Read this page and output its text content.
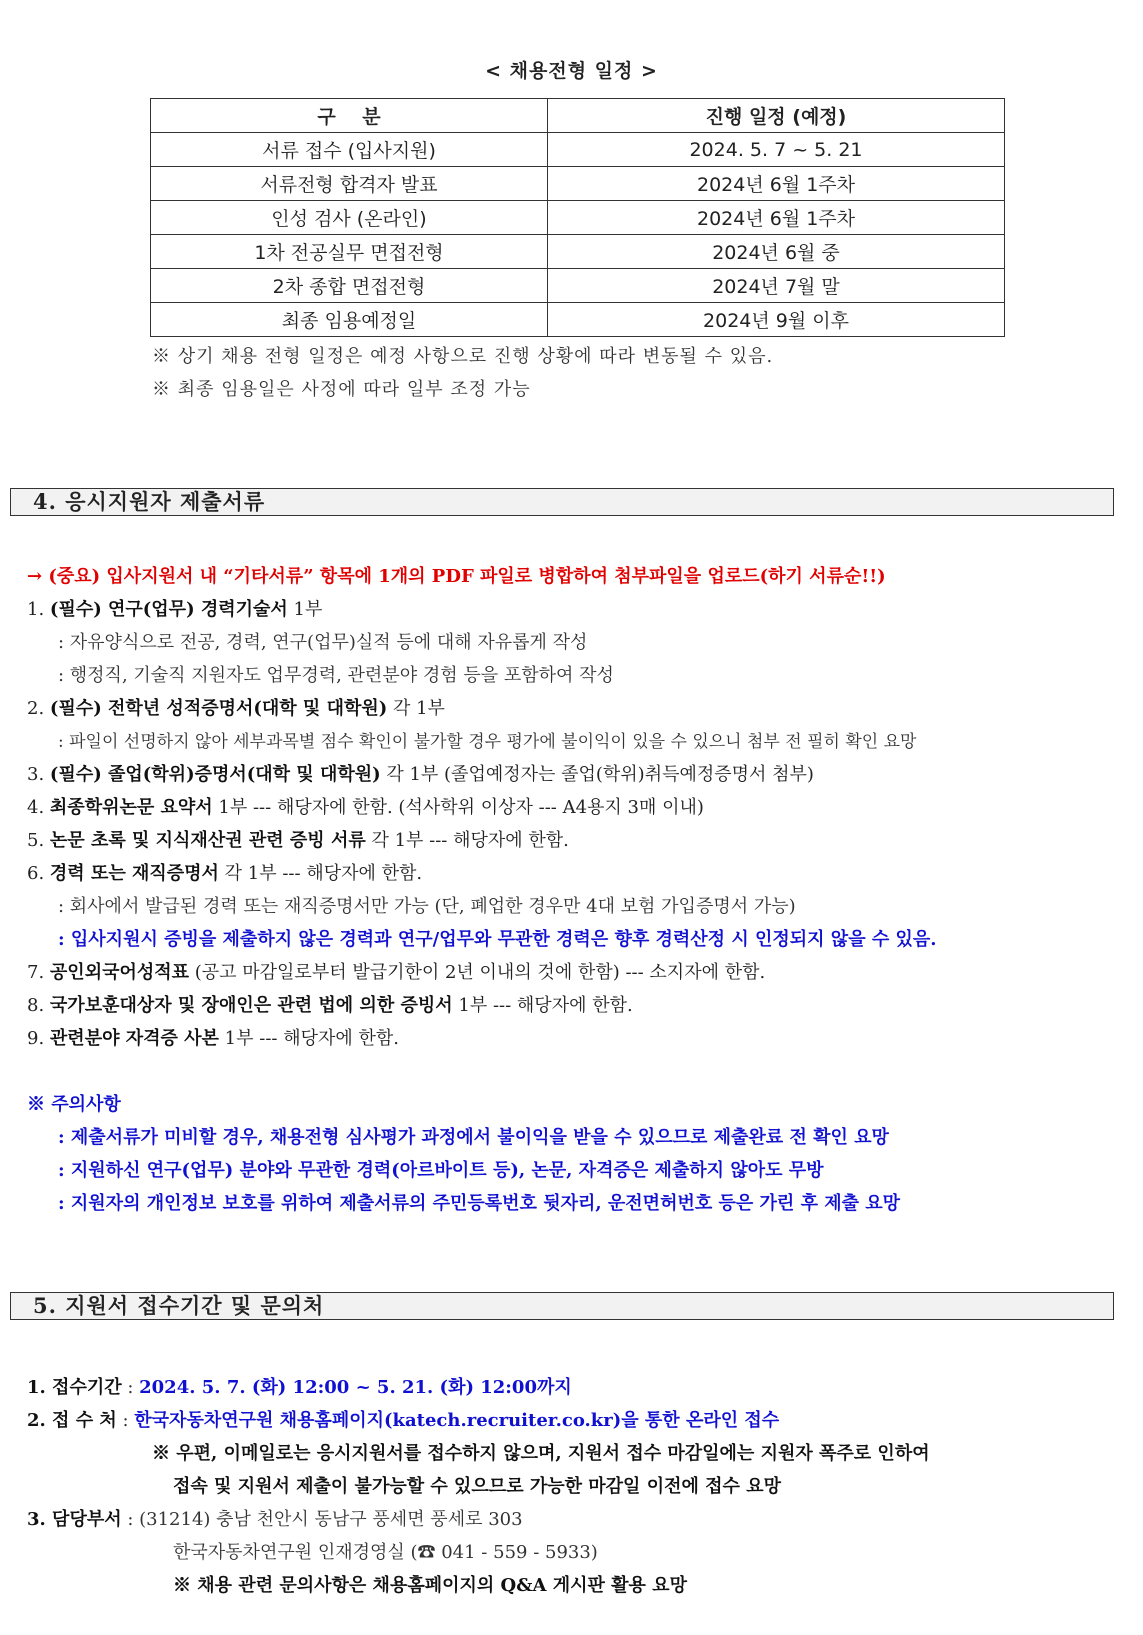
< 채용전형 일정 >
구    분	진행 일정 (예정)
서류 접수 (입사지원)	2024. 5. 7 ~ 5. 21
서류전형 합격자 발표	2024년 6월 1주차
인성 검사 (온라인)	2024년 6월 1주차
1차 전공실무 면접전형	2024년 6월 중
2차 종합 면접전형	2024년 7월 말
최종 임용예정일	2024년 9월 이후
※ 상기 채용 전형 일정은 예정 사항으로 진행 상황에 따라 변동될 수 있음.
※ 최종 임용일은 사정에 따라 일부 조정 가능
4. 응시지원자 제출서류
→ (중요) 입사지원서 내 “기타서류” 항목에 1개의 PDF 파일로 병합하여 첨부파일을 업로드(하기 서류순!!)
1. (필수) 연구(업무) 경력기술서 1부
: 자유양식으로 전공, 경력, 연구(업무)실적 등에 대해 자유롭게 작성
: 행정직, 기술직 지원자도 업무경력, 관련분야 경험 등을 포함하여 작성
2. (필수) 전학년 성적증명서(대학 및 대학원) 각 1부
: 파일이 선명하지 않아 세부과목별 점수 확인이 불가할 경우 평가에 불이익이 있을 수 있으니 첨부 전 필히 확인 요망
3. (필수) 졸업(학위)증명서(대학 및 대학원) 각 1부 (졸업예정자는 졸업(학위)취득예정증명서 첨부)
4. 최종학위논문 요약서 1부 --- 해당자에 한함. (석사학위 이상자 --- A4용지 3매 이내)
5. 논문 초록 및 지식재산권 관련 증빙 서류 각 1부 --- 해당자에 한함.
6. 경력 또는 재직증명서 각 1부 --- 해당자에 한함.
: 회사에서 발급된 경력 또는 재직증명서만 가능 (단, 폐업한 경우만 4대 보험 가입증명서 가능)
: 입사지원시 증빙을 제출하지 않은 경력과 연구/업무와 무관한 경력은 향후 경력산정 시 인정되지 않을 수 있음.
7. 공인외국어성적표 (공고 마감일로부터 발급기한이 2년 이내의 것에 한함) --- 소지자에 한함.
8. 국가보훈대상자 및 장애인은 관련 법에 의한 증빙서 1부 --- 해당자에 한함.
9. 관련분야 자격증 사본 1부 --- 해당자에 한함.
※ 주의사항
: 제출서류가 미비할 경우, 채용전형 심사평가 과정에서 불이익을 받을 수 있으므로 제출완료 전 확인 요망
: 지원하신 연구(업무) 분야와 무관한 경력(아르바이트 등), 논문, 자격증은 제출하지 않아도 무방
: 지원자의 개인정보 보호를 위하여 제출서류의 주민등록번호 뒷자리, 운전면허번호 등은 가린 후 제출 요망
5. 지원서 접수기간 및 문의처
1. 접수기간 : 2024. 5. 7. (화) 12:00 ~ 5. 21. (화) 12:00까지
2. 접 수 처 : 한국자동차연구원 채용홈페이지(katech.recruiter.co.kr)을 통한 온라인 접수
※ 우편, 이메일로는 응시지원서를 접수하지 않으며, 지원서 접수 마감일에는 지원자 폭주로 인하여
접속 및 지원서 제출이 불가능할 수 있으므로 가능한 마감일 이전에 접수 요망
3. 담당부서 : (31214) 충남 천안시 동남구 풍세면 풍세로 303
한국자동차연구원 인재경영실 (☎ 041 - 559 - 5933)
※ 채용 관련 문의사항은 채용홈페이지의 Q&A 게시판 활용 요망
